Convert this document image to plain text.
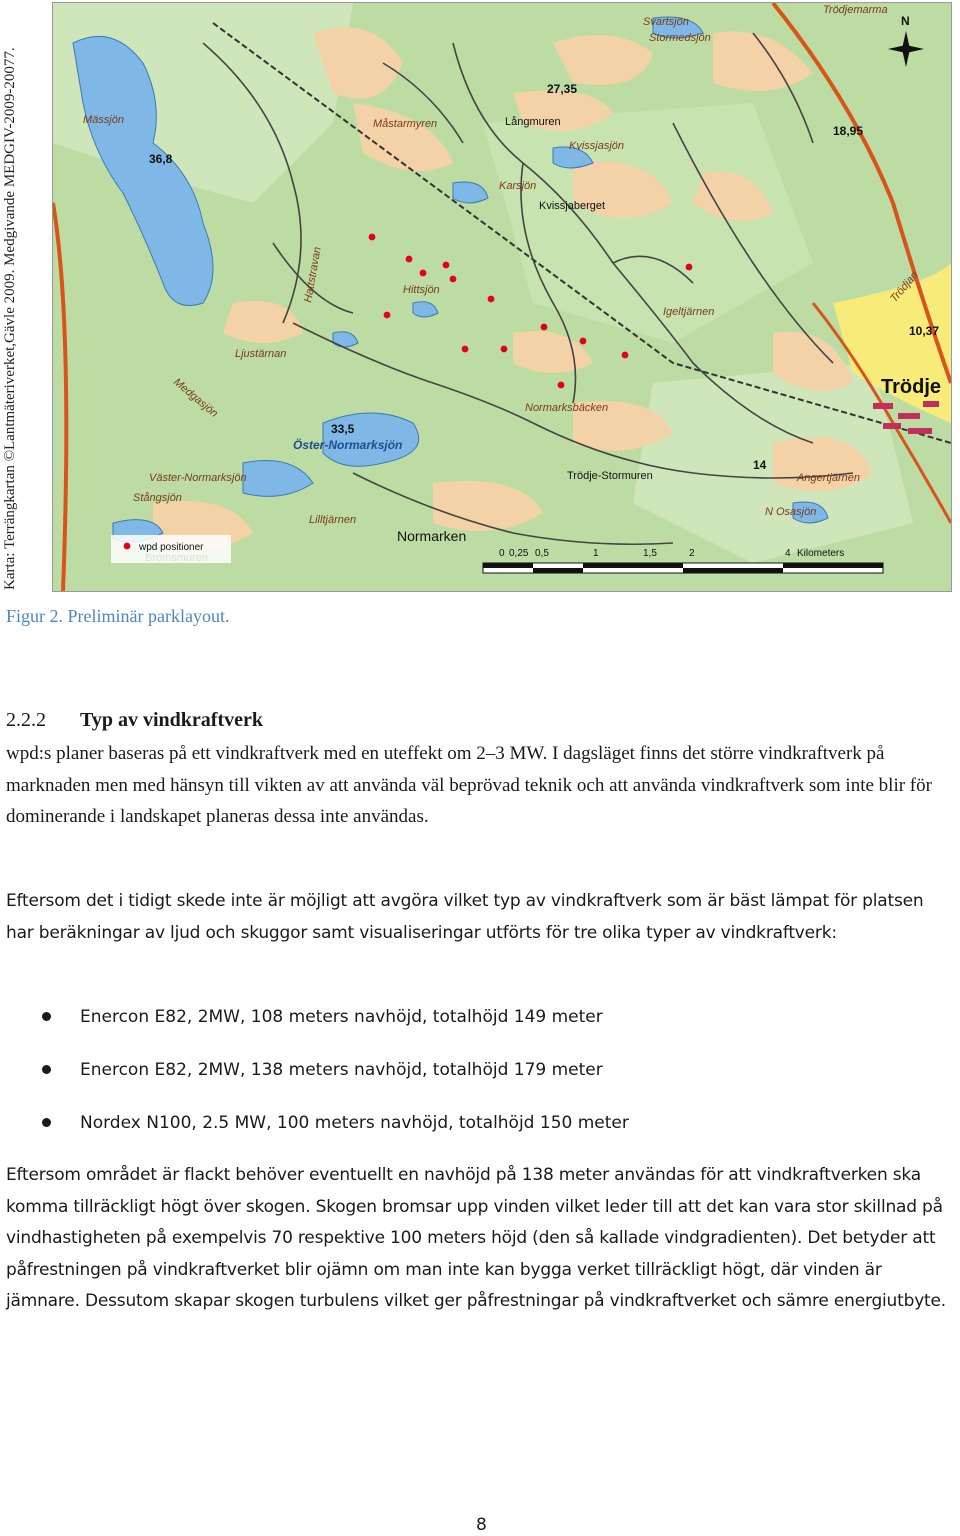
Karta: Terrängkartan ©Lantmäteriverket,Gävle 2009. Medgivande MEDGIV-2009-20077.	Mässjön	Måstarmyren	Långmuren
Kvissjasjön
Karsjön
Kvissjaberget
Svartsjön
Stormedsjön
Trödjemarma
Hittsjön
Igeltjärnen
Trödjan
Ljustärnan
Medgasjön	Normarksbäcken
Öster-Normarksjön
Väster-Normarksjön
Stångsjön
Lilltjärnen
Trödje-Stormuren
Normarken
Trödje
Angertjärnen
N Osasjön
Hattstravan
36,8
27,35
18,95
33,5
10,37
14
N
wpd positioner
0 0,25 0,5	1	1,5	2	4 Kilometers
Figur 2. Preliminär parklayout.
2.2.2 Typ av vindkraftverk
wpd:s planer baseras på ett vindkraftverk med en uteffekt om 2–3 MW. I dagsläget finns det större vindkraftverk på marknaden men med hänsyn till vikten av att använda väl beprövad teknik och att använda vindkraftverk som inte blir för dominerande i landskapet planeras dessa inte användas.
Eftersom det i tidigt skede inte är möjligt att avgöra vilket typ av vindkraftverk som är bäst lämpat för platsen har beräkningar av ljud och skuggor samt visualiseringar utförts för tre olika typer av vindkraftverk:
Enercon E82, 2MW, 108 meters navhöjd, totalhöjd 149 meter
Enercon E82, 2MW, 138 meters navhöjd, totalhöjd 179 meter
Nordex N100, 2.5 MW, 100 meters navhöjd, totalhöjd 150 meter
Eftersom området är flackt behöver eventuellt en navhöjd på 138 meter användas för att vindkraftverken ska komma tillräckligt högt över skogen. Skogen bromsar upp vinden vilket leder till att det kan vara stor skillnad på vindhastigheten på exempelvis 70 respektive 100 meters höjd (den så kallade vindgradienten). Det betyder att påfrestningen på vindkraftverket blir ojämn om man inte kan bygga verket tillräckligt högt, där vinden är jämnare. Dessutom skapar skogen turbulens vilket ger påfrestningar på vindkraftverket och sämre energiutbyte.
8
